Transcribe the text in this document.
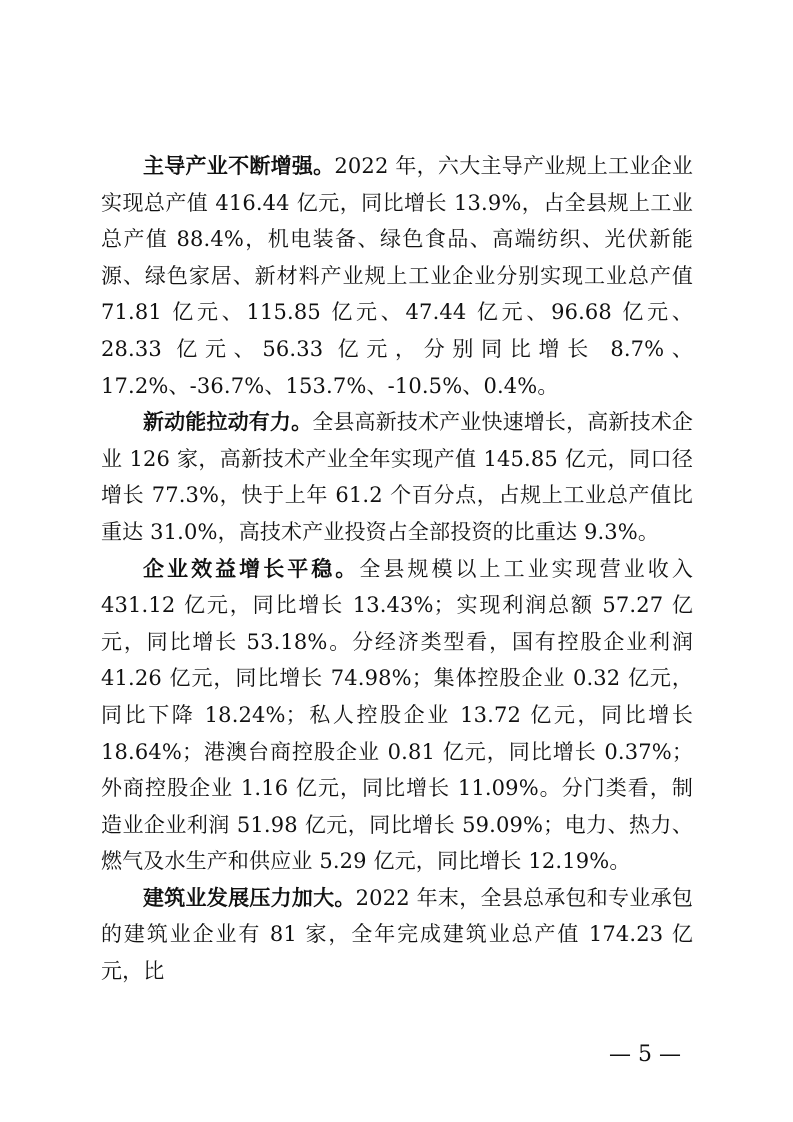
主导产业不断增强。2022 年，六大主导产业规上工业企业实现总产值 416.44 亿元，同比增长 13.9%，占全县规上工业总产值 88.4%，机电装备、绿色食品、高端纺织、光伏新能源、绿色家居、新材料产业规上工业企业分别实现工业总产值 71.81 亿元、115.85 亿元、47.44 亿元、96.68 亿元、28.33 亿元、56.33 亿元，分别同比增长 8.7%、17.2%、-36.7%、153.7%、-10.5%、0.4%。

新动能拉动有力。全县高新技术产业快速增长，高新技术企业 126 家，高新技术产业全年实现产值 145.85 亿元，同口径增长 77.3%，快于上年 61.2 个百分点，占规上工业总产值比重达 31.0%，高技术产业投资占全部投资的比重达 9.3%。

企业效益增长平稳。全县规模以上工业实现营业收入 431.12 亿元，同比增长 13.43%；实现利润总额 57.27 亿元，同比增长 53.18%。分经济类型看，国有控股企业利润 41.26 亿元，同比增长 74.98%；集体控股企业 0.32 亿元，同比下降 18.24%；私人控股企业 13.72 亿元，同比增长 18.64%；港澳台商控股企业 0.81 亿元，同比增长 0.37%；外商控股企业 1.16 亿元，同比增长 11.09%。分门类看，制造业企业利润 51.98 亿元，同比增长 59.09%；电力、热力、燃气及水生产和供应业 5.29 亿元，同比增长 12.19%。

建筑业发展压力加大。2022 年末，全县总承包和专业承包的建筑业企业有 81 家，全年完成建筑业总产值 174.23 亿元，比

— 5 —
